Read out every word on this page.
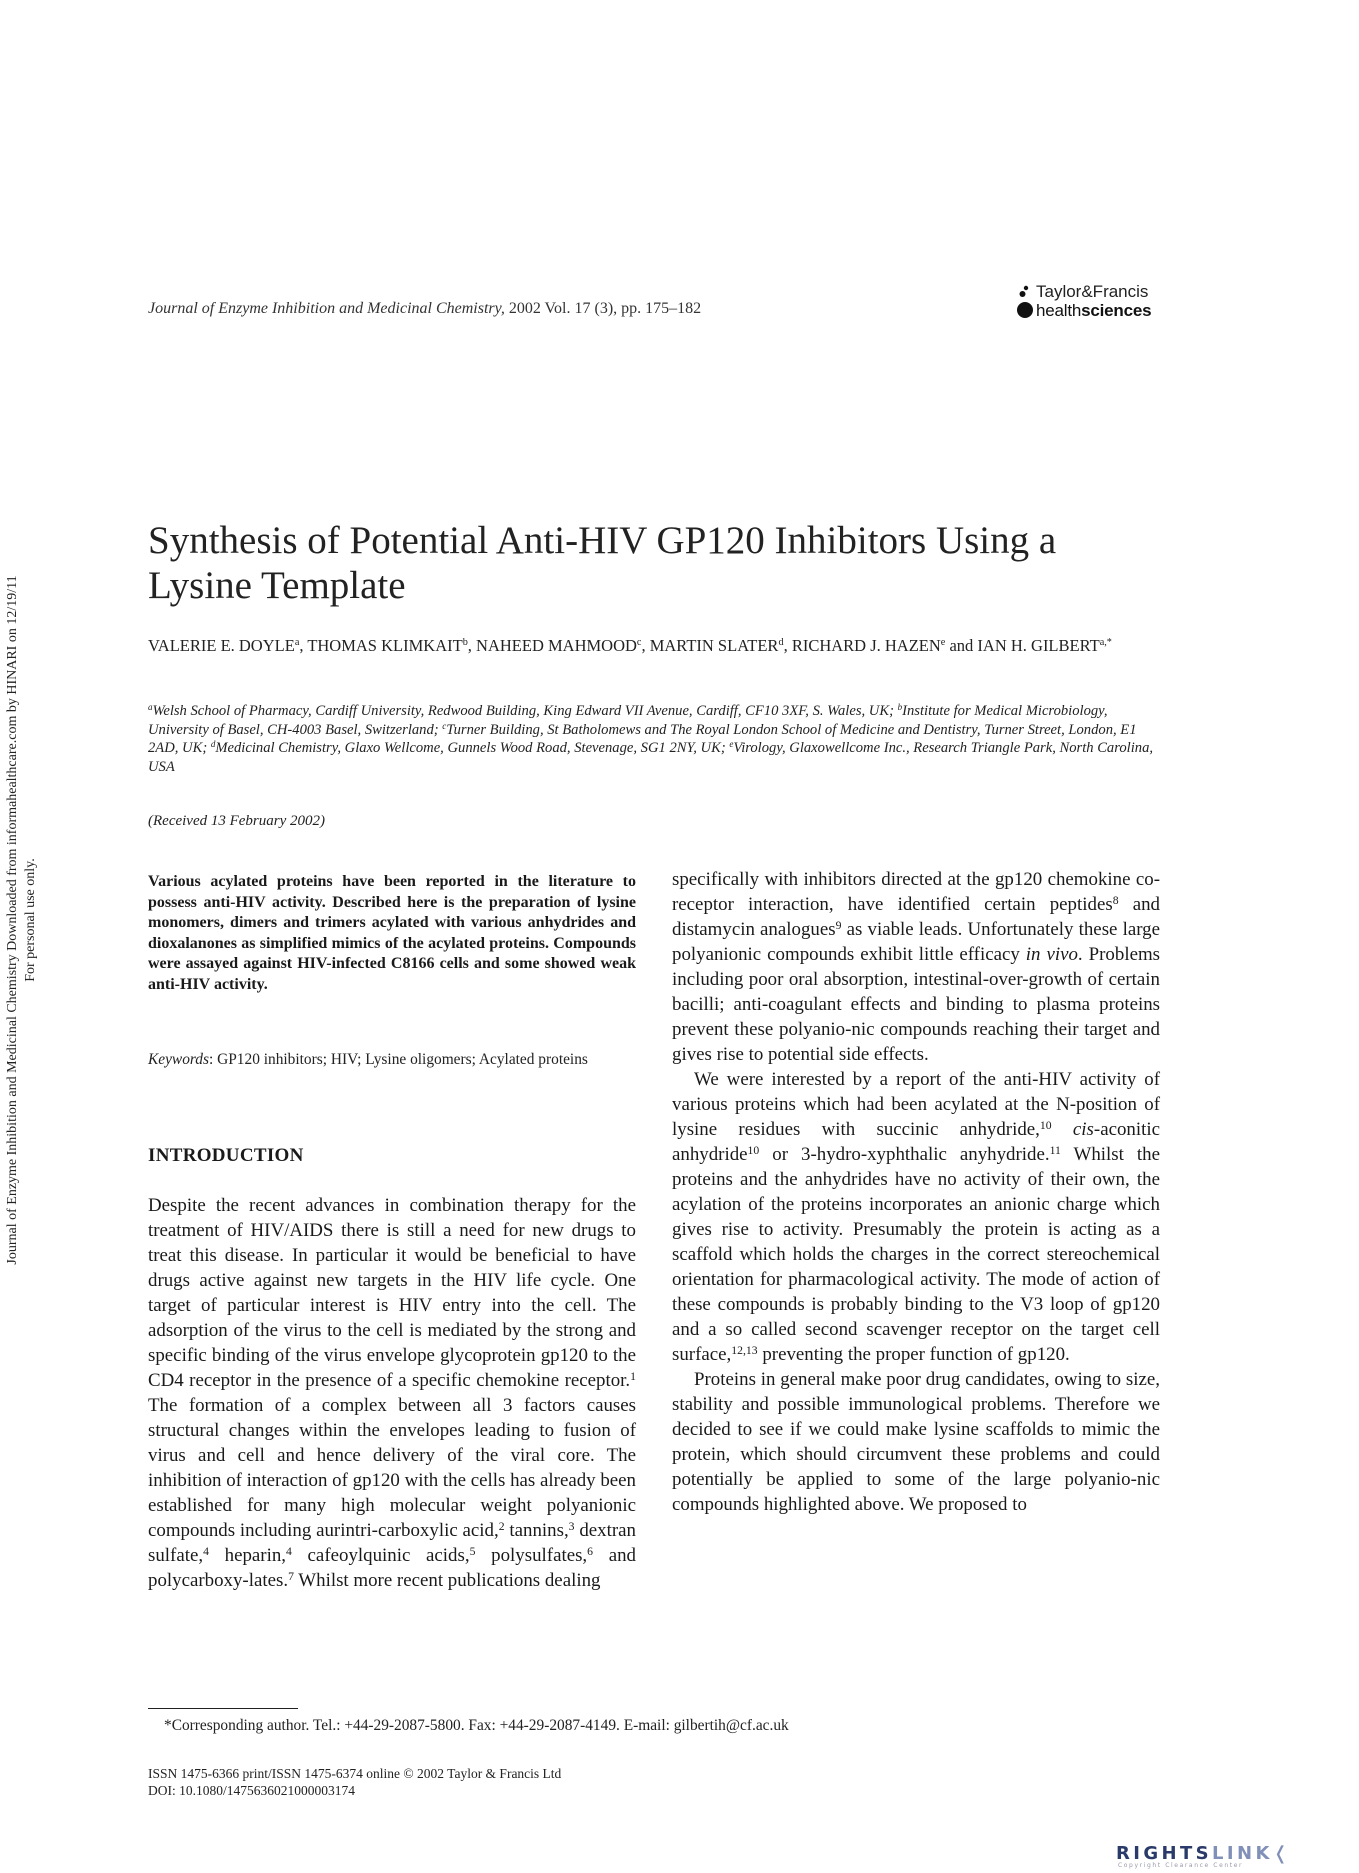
Journal of Enzyme Inhibition and Medicinal Chemistry, 2002 Vol. 17 (3), pp. 175–182
Taylor&Francis
healthsciences
Journal of Enzyme Inhibition and Medicinal Chemistry Downloaded from informahealthcare.com by HINARI on 12/19/11 For personal use only.
Synthesis of Potential Anti-HIV GP120 Inhibitors Using a Lysine Template
VALERIE E. DOYLE$^a$, THOMAS KLIMKAIT$^b$, NAHEED MAHMOOD$^c$, MARTIN SLATER$^d$, RICHARD J. HAZEN$^e$ and IAN H. $GILBERT^{a,*}$
$^a$Welsh School of Pharmacy, Cardiff University, Redwood Building, King Edward VII Avenue, Cardiff, CF10 3XF, S. Wales, UK; $^b$Institute for Medical Microbiology, University of Basel, CH-4003 Basel, Switzerland; $^c$Turner Building, St Batholomews and The Royal London School of Medicine and Dentistry, Turner Street, London, E1 2AD, UK; $^d$Medicinal Chemistry, Glaxo Wellcome, Gunnels Wood Road, Stevenage, SG1 2NY, UK; $^e$Virology, Glaxowellcome Inc., Research Triangle Park, North Carolina, USA
(Received 13 February 2002)
Various acylated proteins have been reported in the literature to possess anti-HIV activity. Described here is the preparation of lysine monomers, dimers and trimers acylated with various anhydrides and dioxalanones as simplified mimics of the acylated proteins. Compounds were assayed against HIV-infected C8166 cells and some showed weak anti-HIV activity.
Keywords: GP120 inhibitors; HIV; Lysine oligomers; Acylated proteins
INTRODUCTION

Despite the recent advances in combination therapy for the treatment of HIV/AIDS there is still a need for new drugs to treat this disease. In particular it would be beneficial to have drugs active against new targets in the HIV life cycle. One target of particular interest is HIV entry into the cell. The adsorption of the virus to the cell is mediated by the strong and specific binding of the virus envelope glycoprotein gp120 to the CD4 receptor in the presence of a specific chemokine receptor.$^1$ The formation of a complex between all 3 factors causes structural changes within the envelopes leading to fusion of virus and cell and hence delivery of the viral core. The inhibition of interaction of gp120 with the cells has already been established for many high molecular weight polyanionic compounds including aurintri-carboxylic acid,$^2$ tannins,$^3$ dextran sulfate,$^4$ heparin,$^4$ cafeoylquinic acids,$^5$ polysulfates,$^6$ and polycarboxy-lates.$^7$ Whilst more recent publications dealing

specifically with inhibitors directed at the gp120 chemokine co-receptor interaction, have identified certain peptides$^8$ and distamycin analogues$^9$ as viable leads. Unfortunately these large polyanionic compounds exhibit little efficacy in vivo. Problems including poor oral absorption, intestinal-over-growth of certain bacilli; anti-coagulant effects and binding to plasma proteins prevent these polyanio-nic compounds reaching their target and gives rise to potential side effects.

We were interested by a report of the anti-HIV activity of various proteins which had been acylated at the N-position of lysine residues with succinic anhydride,$^{10}$ cis-aconitic anhydride$^{10}$ or 3-hydro-xyphthalic anyhydride.$^{11}$ Whilst the proteins and the anhydrides have no activity of their own, the acylation of the proteins incorporates an anionic charge which gives rise to activity. Presumably the protein is acting as a scaffold which holds the charges in the correct stereochemical orientation for pharmacological activity. The mode of action of these compounds is probably binding to the V3 loop of gp120 and a so called second scavenger receptor on the target cell surface,$^{12,13}$ preventing the proper function of gp120.

Proteins in general make poor drug candidates, owing to size, stability and possible immunological problems. Therefore we decided to see if we could make lysine scaffolds to mimic the protein, which should circumvent these problems and could potentially be applied to some of the large polyanio-nic compounds highlighted above. We proposed to

*Corresponding author. Tel.: +44-29-2087-5800. Fax: +44-29-2087-4149. E-mail: gilbertih@cf.ac.uk
ISSN 1475-6366 print/ISSN 1475-6374 online © 2002 Taylor & Francis Ltd
DOI: 10.1080/1475636021000003174
RIGHTSLINK❬
Copyright Clearance Center
